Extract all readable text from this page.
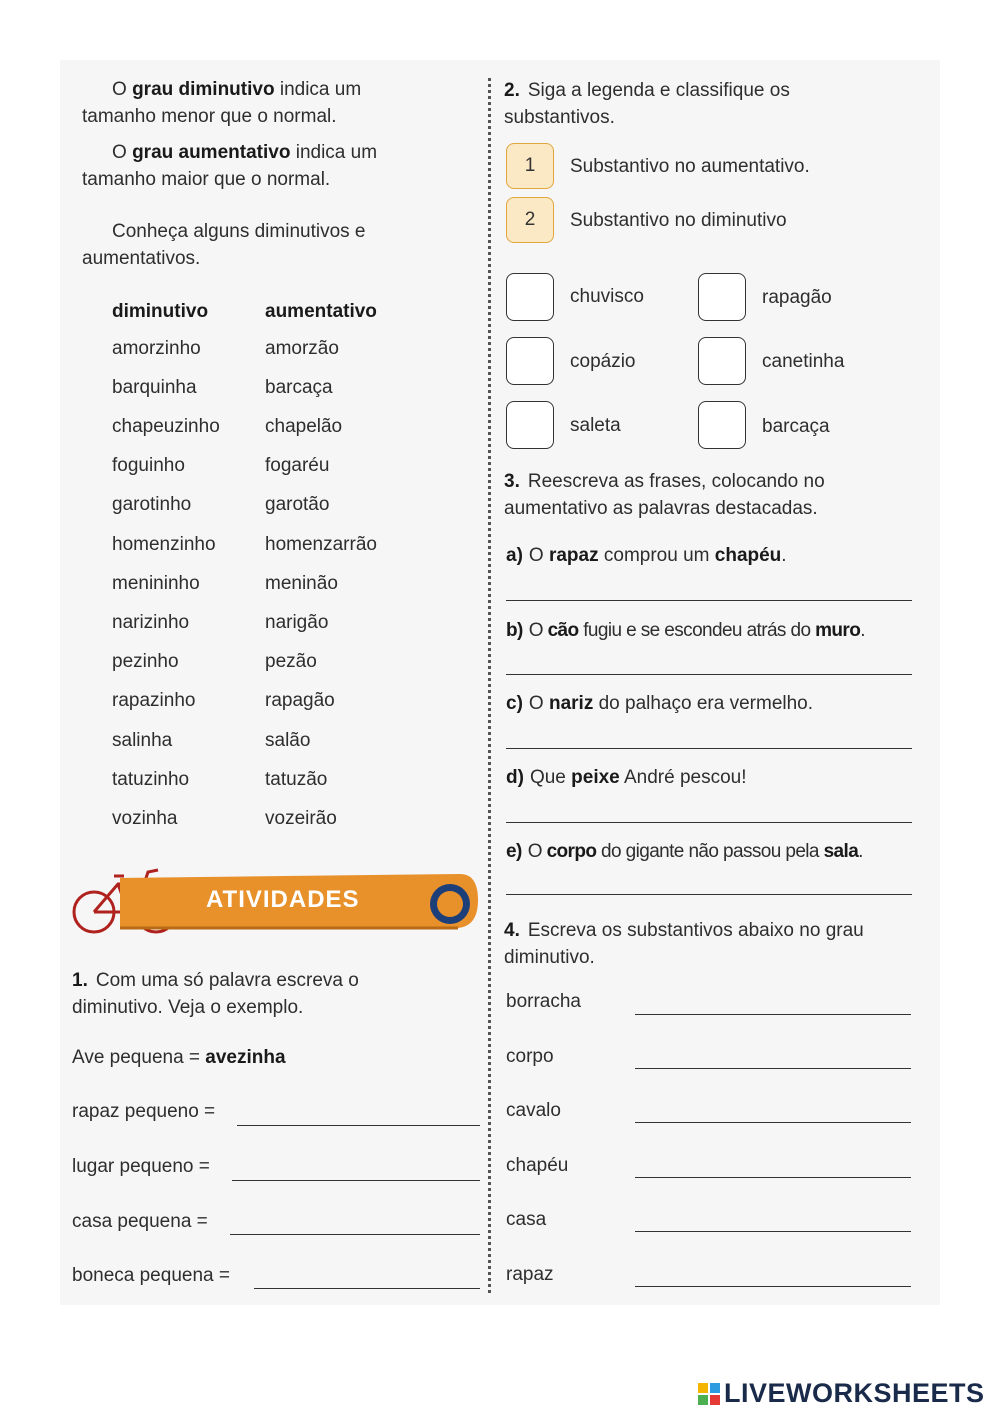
O grau diminutivo indica um tamanho menor que o normal.
O grau aumentativo indica um tamanho maior que o normal.
Conheça alguns diminutivos e aumentativos.
diminutivo	aumentativo
amorzinho	amorzão
barquinha	barcaça
chapeuzinho chapelão
foguinho	fogaréu
garotinho	garotão
homenzinho	homenzarrão
menininho	meninão
narizinho	narigão
pezinho	pezão
rapazinho	rapagão
salinha	salão
tatuzinho	tatuzão
vozinha	vozeirão
ATIVIDADES
1. Com uma só palavra escreva o diminutivo. Veja o exemplo.
Ave pequena = avezinha
rapaz pequeno =
lugar pequeno =
casa pequena =
boneca pequena =
2. Siga a legenda e classifique os substantivos.
1	Substantivo no aumentativo.
2	Substantivo no diminutivo
chuvisco	rapagão
copázio	canetinha
saleta	barcaça
3. Reescreva as frases, colocando no aumentativo as palavras destacadas.
a) O rapaz comprou um chapéu.
b) O cão fugiu e se escondeu atrás do muro.
c) O nariz do palhaço era vermelho.
d) Que peixe André pescou!
e) O corpo do gigante não passou pela sala.
4. Escreva os substantivos abaixo no grau diminutivo.
borracha
corpo
cavalo
chapéu
casa
rapaz
LIVEWORKSHEETS
